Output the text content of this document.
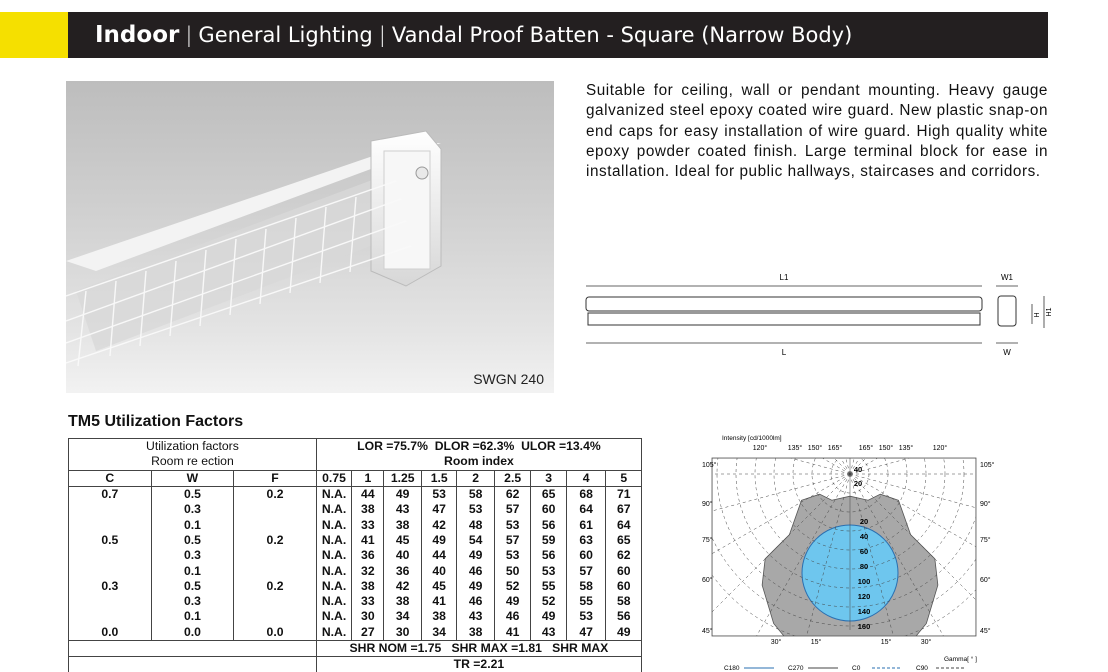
Indoor | General Lighting | Vandal Proof Batten - Square (Narrow Body)
SWGN 240
Suitable for ceiling, wall or pendant mounting. Heavy gauge galvanized steel epoxy coated wire guard. New plastic snap-on end caps for easy installation of wire guard. High quality white epoxy powder coated finish. Large terminal block for ease in installation. Ideal for public hallways, staircases and corridors.
L1	W1
L	W
H H1
TM5 Utilization Factors
Utilization factors			LOR =75.7% DLOR =62.3% ULOR =13.4%								
Room re ection			Room index								
C	W	F	0.75	1	1.25	1.5	2	2.5	3	4	5
0.7	0.5	0.2	N.A.	44	49	53	58	62	65	68	71
	0.3		N.A.	38	43	47	53	57	60	64	67
	0.1		N.A.	33	38	42	48	53	56	61	64
0.5	0.5	0.2	N.A.	41	45	49	54	57	59	63	65
	0.3		N.A.	36	40	44	49	53	56	60	62
	0.1		N.A.	32	36	40	46	50	53	57	60
0.3	0.5	0.2	N.A.	38	42	45	49	52	55	58	60
	0.3		N.A.	33	38	41	46	49	52	55	58
	0.1		N.A.	30	34	38	43	46	49	53	56
0.0	0.0	0.0	N.A.	27	30	34	38	41	43	47	49
			SHR NOM =1.75 SHR MAX =1.81 SHR MAX								
			TR =2.21								
Intensity [cd/1000lm]
120°	135° 150° 165° 165° 150° 135°	120°
105°
90°
75°
60°
45°
105°
90°
75°
60°
45°
30°	15°	15°	30°
40
20
20
40
60
80
100
120
140
160
Gamma[ ° ]
C180	C270	C0	C90
